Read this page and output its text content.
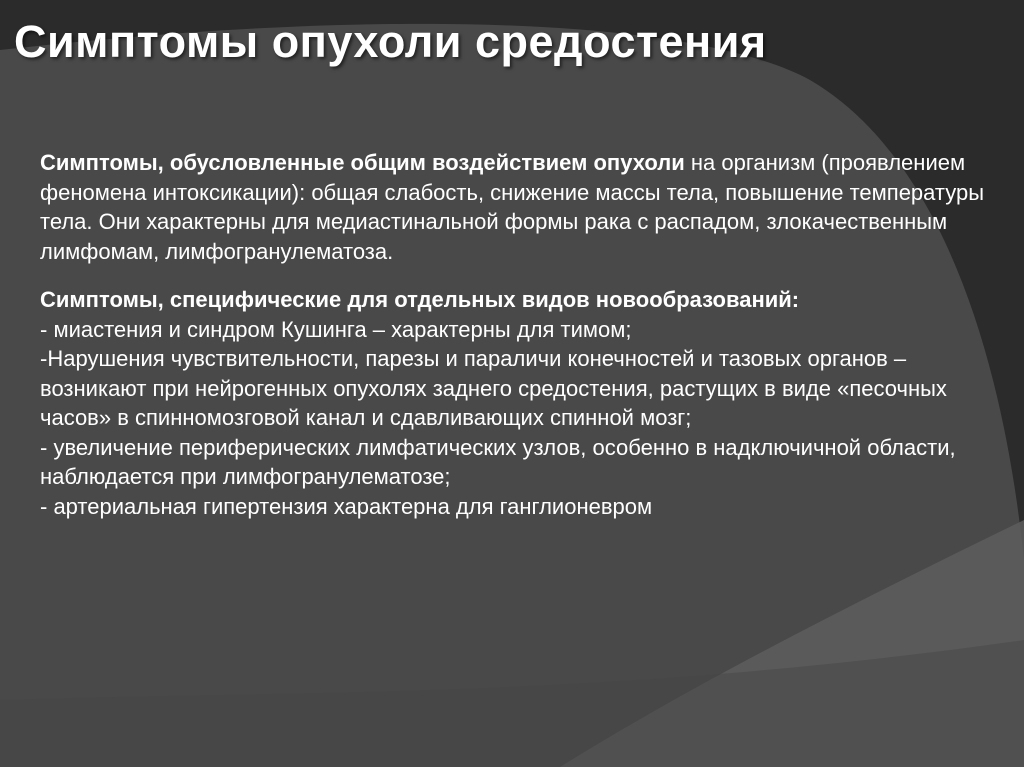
Симптомы опухоли средостения

Симптомы, обусловленные общим воздействием опухоли на организм (проявлением феномена интоксикации): общая слабость, снижение массы тела, повышение температуры тела. Они характерны для медиастинальной формы рака с распадом, злокачественным лимфомам, лимфогранулематоза.

Симптомы, специфические для отдельных видов новообразований:
- миастения и синдром Кушинга – характерны для тимом;
-Нарушения чувствительности, парезы и параличи конечностей и тазовых органов – возникают при нейрогенных опухолях заднего средостения, растущих в виде «песочных часов» в спинномозговой канал и сдавливающих спинной мозг;
- увеличение периферических лимфатических узлов, особенно в надключичной области, наблюдается при лимфогранулематозе;
- артериальная гипертензия характерна для ганглионевром
